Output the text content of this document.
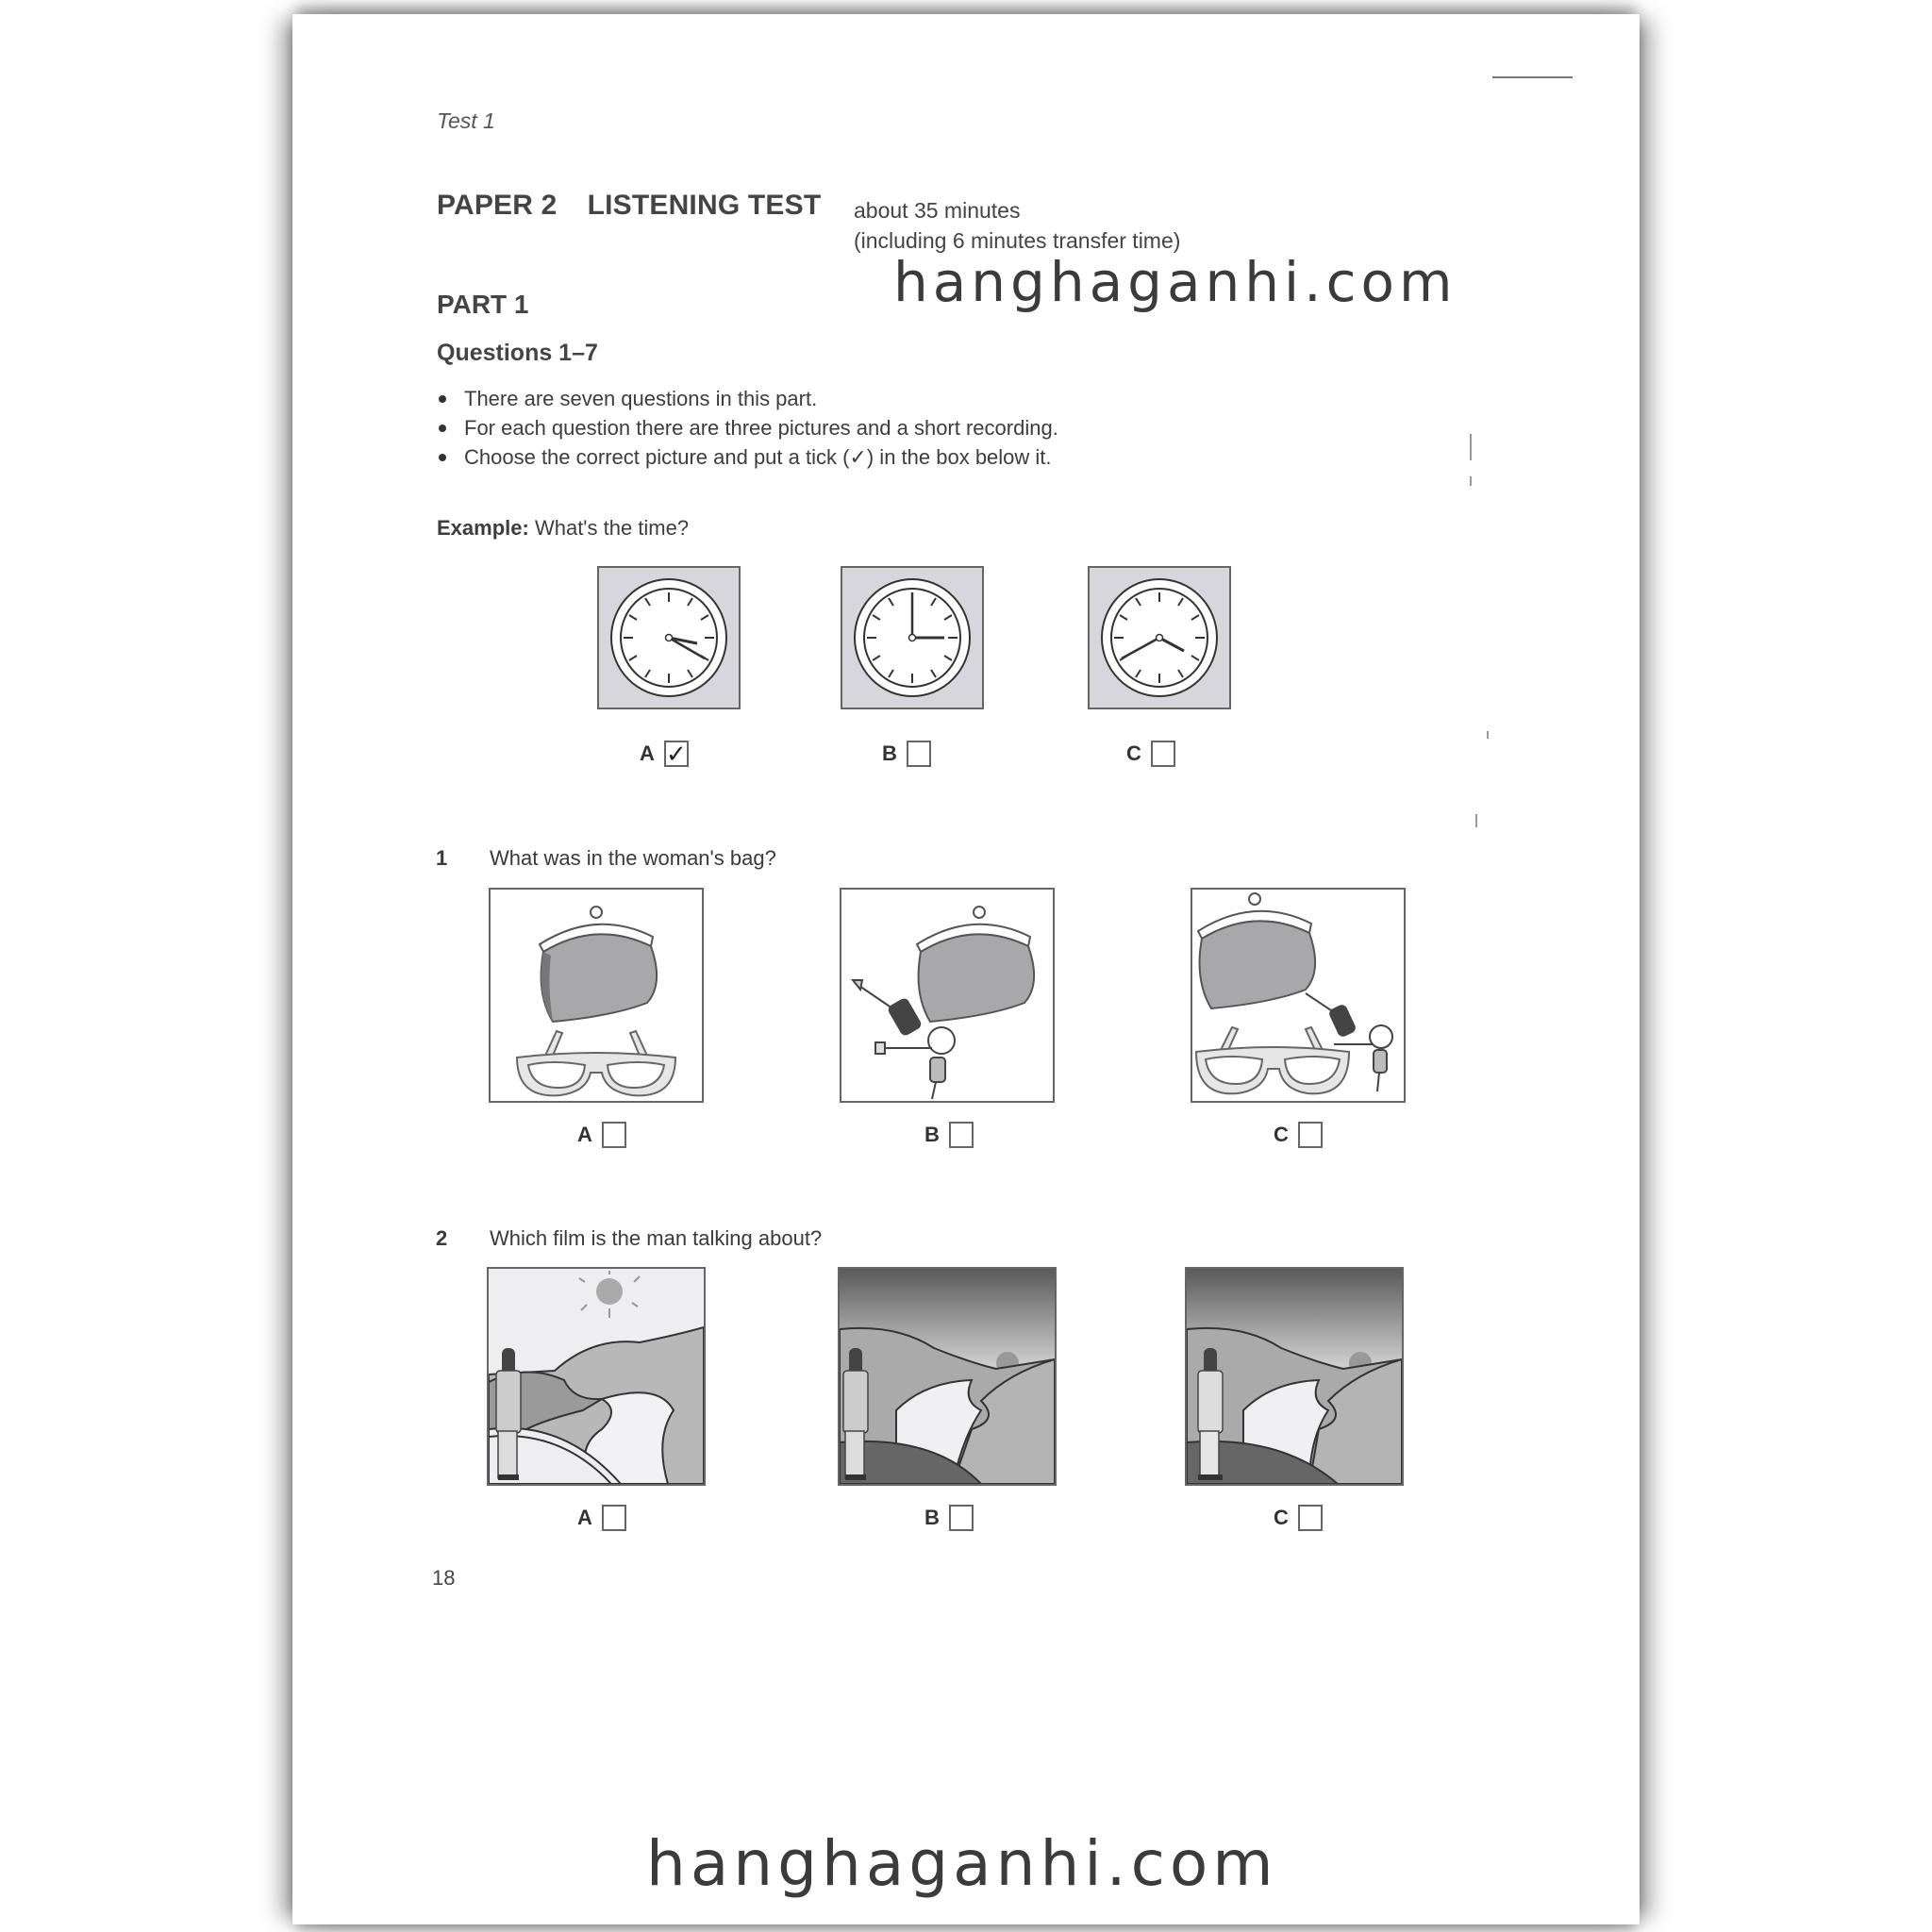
Test 1
PAPER 2 LISTENING TEST about 35 minutes
(including 6 minutes transfer time)
PART 1
Questions 1–7
There are seven questions in this part.
For each question there are three pictures and a short recording.
Choose the correct picture and put a tick (✓) in the box below it.
Example: What's the time?
A ✓	B	C
1 What was in the woman's bag?
A	B	C
2 Which film is the man talking about?
A	B	C
18
hanghaganhi.com
hanghaganhi.com
